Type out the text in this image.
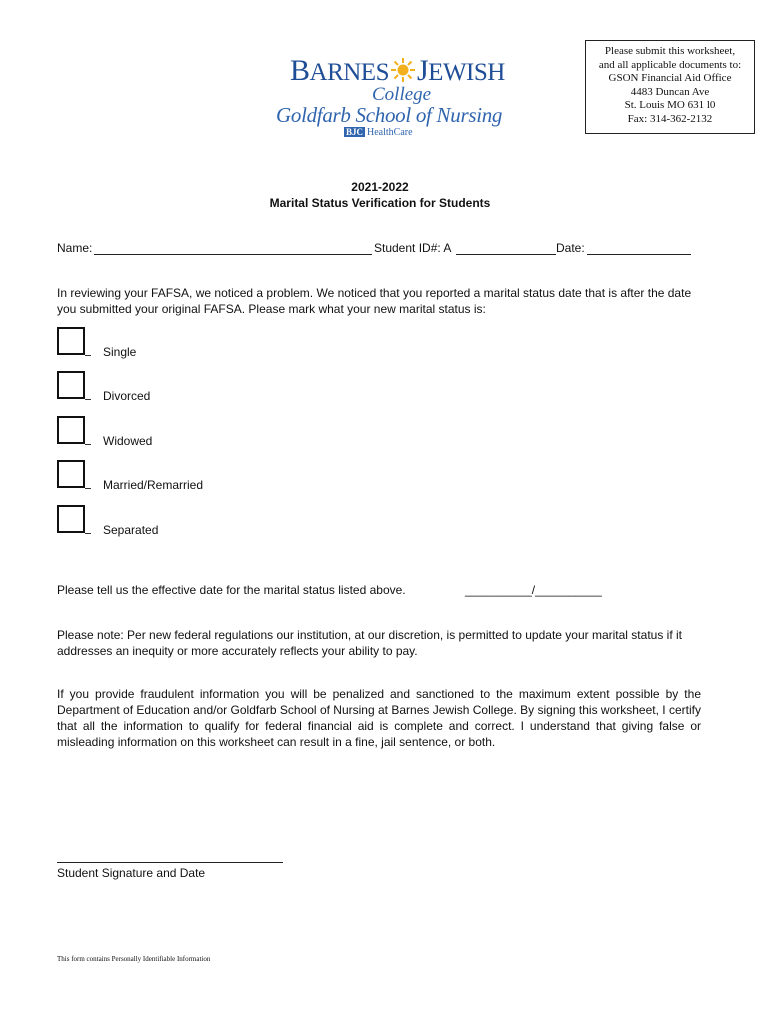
BARNES JEWISH
College
Goldfarb School of Nursing
BJC HealthCare
Please submit this worksheet,
and all applicable documents to:
GSON Financial Aid Office
4483 Duncan Ave
St. Louis MO 631 l0
Fax: 314-362-2132
2021-2022
Marital Status Verification for Students
Name:	Student ID#: A	Date:
In reviewing your FAFSA, we noticed a problem. We noticed that you reported a marital status date that is after the date you submitted your original FAFSA. Please mark what your new marital status is:
Single
Divorced
Widowed
Married/Remarried
Separated
Please tell us the effective date for the marital status listed above.	__________/__________
Please note: Per new federal regulations our institution, at our discretion, is permitted to update your marital status if it addresses an inequity or more accurately reflects your ability to pay.
If you provide fraudulent information you will be penalized and sanctioned to the maximum extent possible by the Department of Education and/or Goldfarb School of Nursing at Barnes Jewish College. By signing this worksheet, I certify that all the information to qualify for federal financial aid is complete and correct. I understand that giving false or misleading information on this worksheet can result in a fine, jail sentence, or both.
Student Signature and Date
This form contains Personally Identifiable Information
